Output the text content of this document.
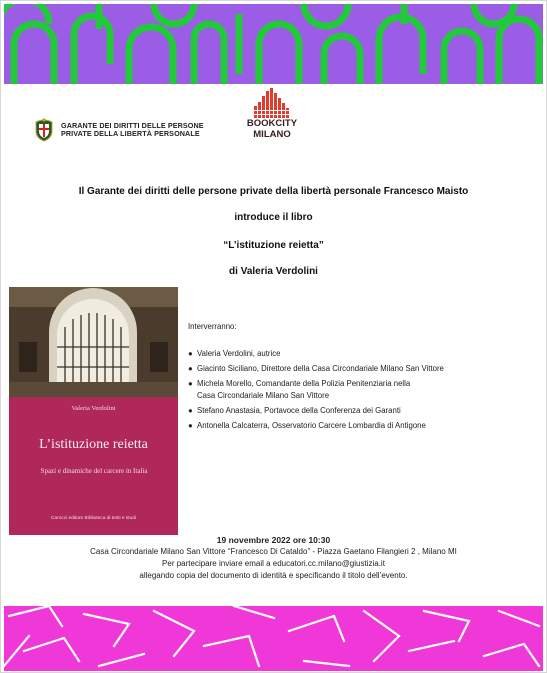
GARANTE DEI DIRITTI DELLE PERSONE
PRIVATE DELLA LIBERTÀ PERSONALE
BOOKCITY
MILANO
Il Garante dei diritti delle persone private della libertà personale Francesco Maisto
introduce il libro
“L’istituzione reietta”
di Valeria Verdolini
Valeria Verdolini
L’istituzione reietta
Spazi e dinamiche del carcere in Italia
Carocci editore Biblioteca di testi e studi
Interverranno:
● Valeria Verdolini, autrice
● Giacinto Siciliano, Direttore della Casa Circondariale Milano San Vittore
● Michela Morello, Comandante della Polizia Penitenziaria nella
Casa Circondariale Milano San Vittore
● Stefano Anastasia, Portavoce della Conferenza dei Garanti
● Antonella Calcaterra, Osservatorio Carcere Lombardia di Antigone
19 novembre 2022 ore 10:30
Casa Circondariale Milano San Vittore “Francesco Di Cataldo” - Piazza Gaetano Filangieri 2 , Milano MI
Per partecipare inviare email a educatori.cc.milano@giustizia.it
allegando copia del documento di identità e specificando il titolo dell’evento.
